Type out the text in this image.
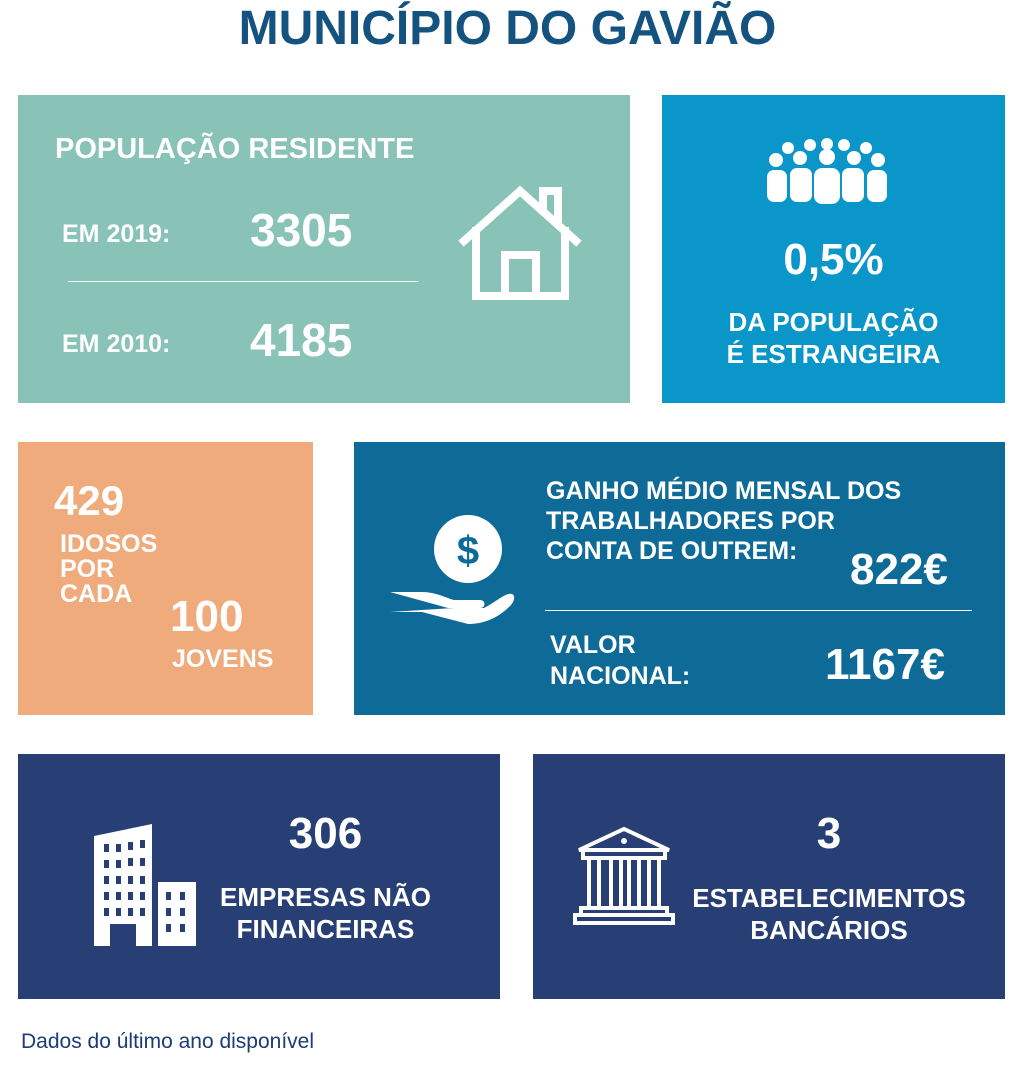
MUNICÍPIO DO GAVIÃO
POPULAÇÃO RESIDENTE
EM 2019: 3305
EM 2010: 4185
0,5%
DA POPULAÇÃO
É ESTRANGEIRA
429
IDOSOS
POR
CADA 100
JOVENS
$
GANHO MÉDIO MENSAL DOS
TRABALHADORES POR
CONTA DE OUTREM: 822€
VALOR
NACIONAL:	1167€
306
EMPRESAS NÃO
FINANCEIRAS
3
ESTABELECIMENTOS
BANCÁRIOS
Dados do último ano disponível
